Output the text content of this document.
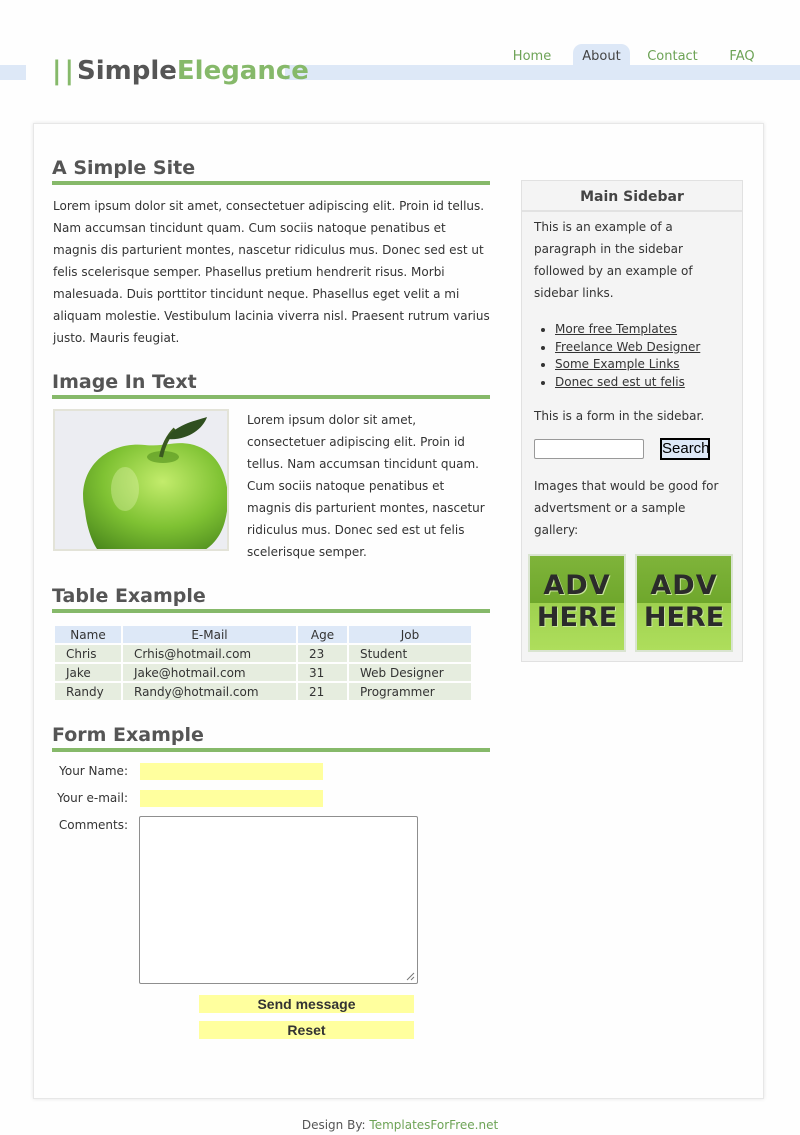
||SimpleElegance	Home	About	Contact FAQ
A Simple Site

Lorem ipsum dolor sit amet, consectetuer adipiscing elit. Proin id tellus. Nam accumsan tincidunt quam. Cum sociis natoque penatibus et magnis dis parturient montes, nascetur ridiculus mus. Donec sed est ut felis scelerisque semper. Phasellus pretium hendrerit risus. Morbi malesuada. Duis porttitor tincidunt neque. Phasellus eget velit a mi aliquam molestie. Vestibulum lacinia viverra nisl. Praesent rutrum varius justo. Mauris feugiat.

Image In Text

Lorem ipsum dolor sit amet, consectetuer adipiscing elit. Proin id tellus. Nam accumsan tincidunt quam. Cum sociis natoque penatibus et magnis dis parturient montes, nascetur ridiculus mus. Donec sed est ut felis scelerisque semper.

Table Example
Name	E-Mail	Age	Job
Chris	Crhis@hotmail.com	23	Student
Jake	Jake@hotmail.com	31	Web Designer
Randy	Randy@hotmail.com	21	Programmer
Form Example
Your Name:
Your e-mail:
Comments:
Send message
Reset
Main Sidebar

This is an example of a paragraph in the sidebar followed by an example of sidebar links.

• More free Templates
• Freelance Web Designer
• Some Example Links
• Donec sed est ut felis

This is a form in the sidebar.

Search

Images that would be good for advertsment or a sample gallery:

ADV
HERE
ADV
HERE
Design By: TemplatesForFree.net
